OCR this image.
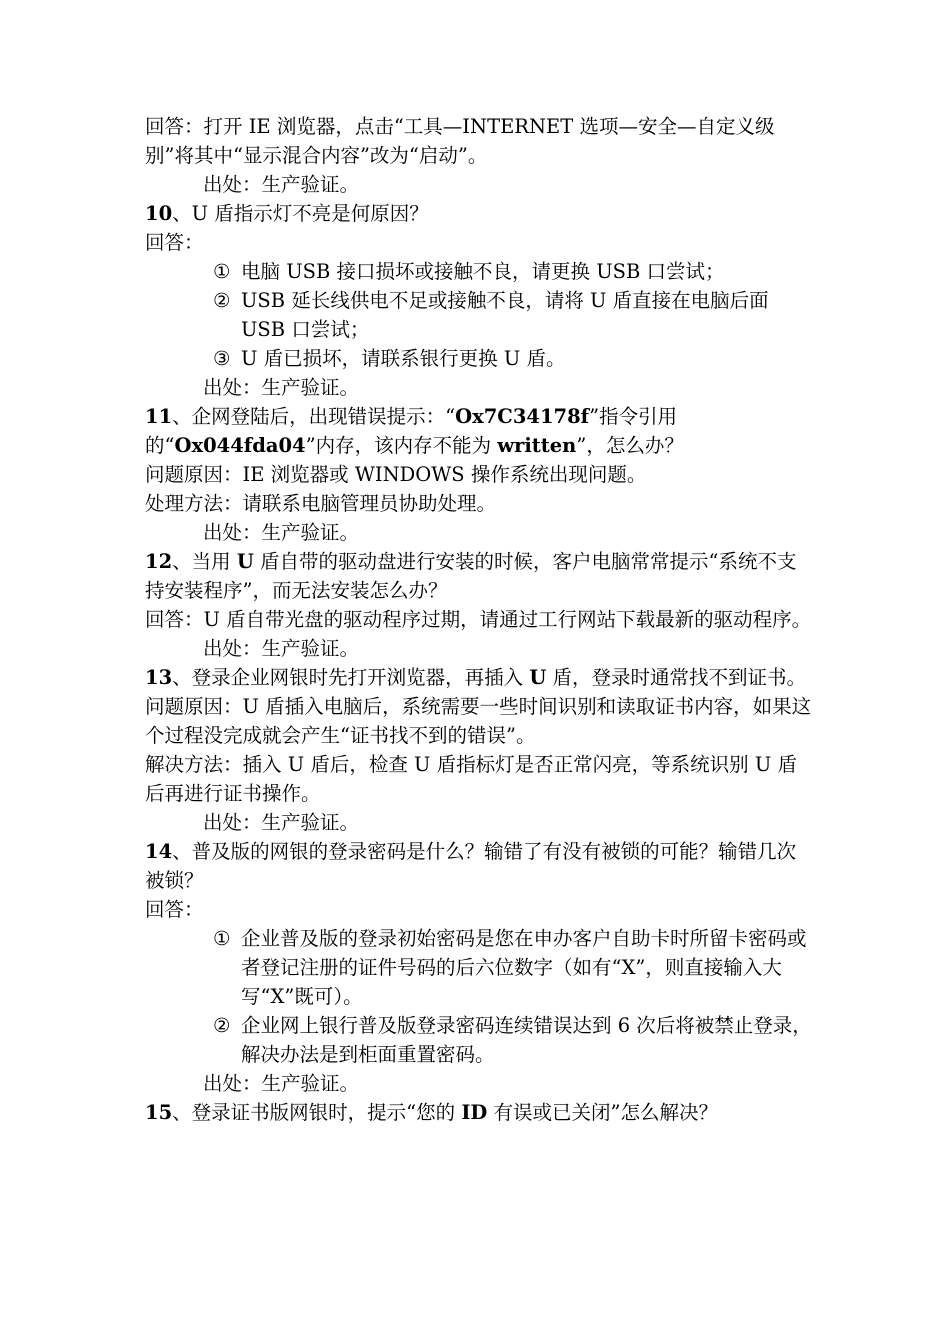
回答：打开 IE 浏览器，点击“工具—INTERNET 选项—安全—自定义级别”将其中“显示混合内容”改为“启动”。

出处：生产验证。

10、U 盾指示灯不亮是何原因？

回答：

① 电脑 USB 接口损坏或接触不良，请更换 USB 口尝试；
② USB 延长线供电不足或接触不良，请将 U 盾直接在电脑后面 USB 口尝试；
③ U 盾已损坏，请联系银行更换 U 盾。

出处：生产验证。

11、企网登陆后，出现错误提示：“Ox7C34178f”指令引用的“Ox044fda04”内存，该内存不能为 written”，怎么办？

问题原因：IE 浏览器或 WINDOWS 操作系统出现问题。

处理方法：请联系电脑管理员协助处理。

出处：生产验证。

12、当用 U 盾自带的驱动盘进行安装的时候，客户电脑常常提示“系统不支持安装程序”，而无法安装怎么办？

回答：U 盾自带光盘的驱动程序过期，请通过工行网站下载最新的驱动程序。

出处：生产验证。

13、登录企业网银时先打开浏览器，再插入 U 盾，登录时通常找不到证书。

问题原因：U 盾插入电脑后，系统需要一些时间识别和读取证书内容，如果这个过程没完成就会产生“证书找不到的错误”。

解决方法：插入 U 盾后，检查 U 盾指标灯是否正常闪亮，等系统识别 U 盾后再进行证书操作。

出处：生产验证。

14、普及版的网银的登录密码是什么？输错了有没有被锁的可能？输错几次被锁？

回答：

① 企业普及版的登录初始密码是您在申办客户自助卡时所留卡密码或者登记注册的证件号码的后六位数字（如有“X”，则直接输入大写“X”既可）。
② 企业网上银行普及版登录密码连续错误达到 6 次后将被禁止登录，解决办法是到柜面重置密码。

出处：生产验证。

15、登录证书版网银时，提示“您的 ID 有误或已关闭”怎么解决？
